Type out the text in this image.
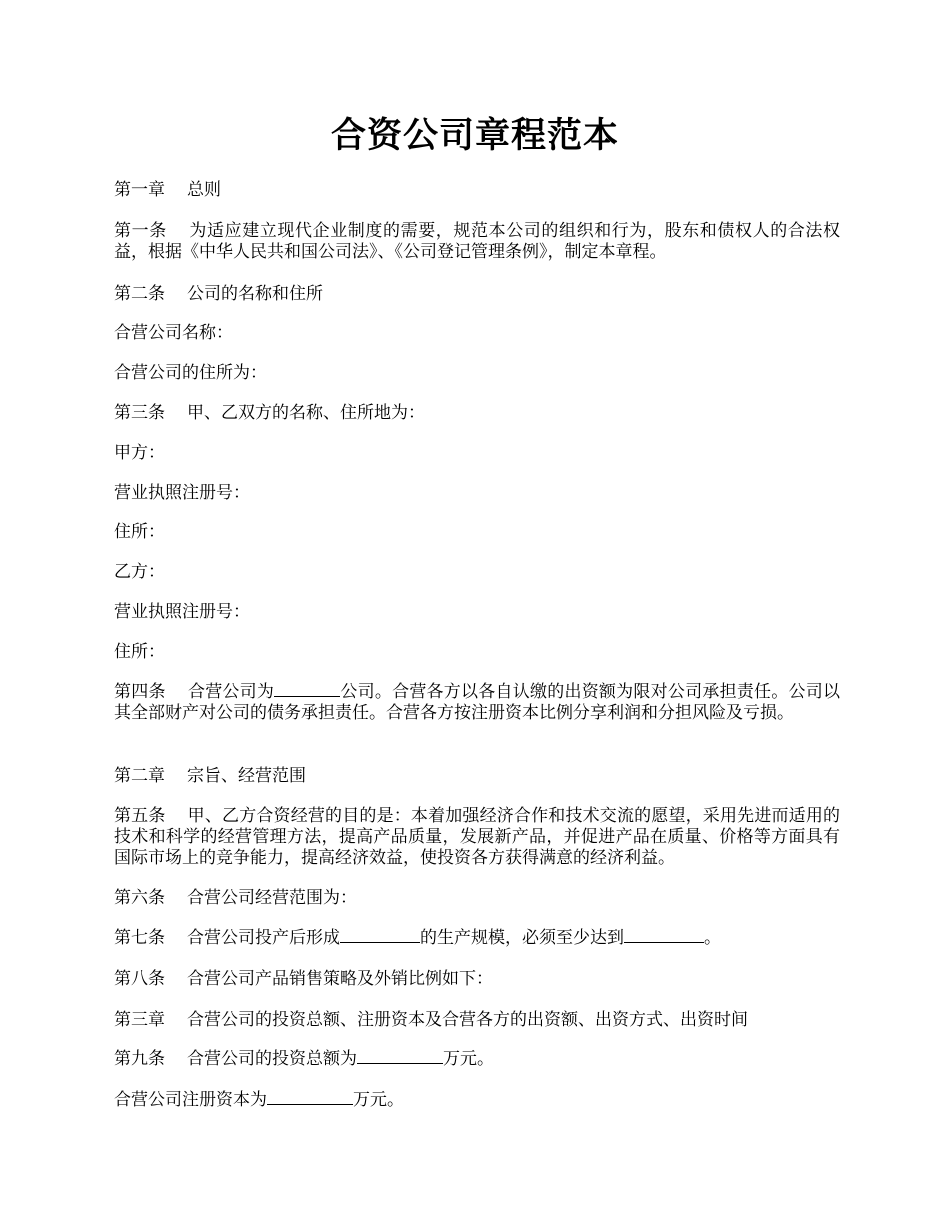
合资公司章程范本
第一章 总则
第一条 为适应建立现代企业制度的需要，规范本公司的组织和行为，股东和债权人的合法权益，根据《中华人民共和国公司法》、《公司登记管理条例》，制定本章程。
第二条 公司的名称和住所
合营公司名称：
合营公司的住所为：
第三条 甲、乙双方的名称、住所地为：
甲方：
营业执照注册号：
住所：
乙方：
营业执照注册号：
住所：
第四条 合营公司为	公司。合营各方以各自认缴的出资额为限对公司承担责任。公司以其全部财产对公司的债务承担责任。合营各方按注册资本比例分享利润和分担风险及亏损。
第二章 宗旨、经营范围
第五条 甲、乙方合资经营的目的是：本着加强经济合作和技术交流的愿望，采用先进而适用的技术和科学的经营管理方法，提高产品质量，发展新产品，并促进产品在质量、价格等方面具有国际市场上的竞争能力，提高经济效益，使投资各方获得满意的经济利益。
第六条 合营公司经营范围为：
第七条 合营公司投产后形成	的生产规模，必须至少达到	。
第八条 合营公司产品销售策略及外销比例如下：
第三章 合营公司的投资总额、注册资本及合营各方的出资额、出资方式、出资时间
第九条 合营公司的投资总额为	万元。
合营公司注册资本为	万元。
